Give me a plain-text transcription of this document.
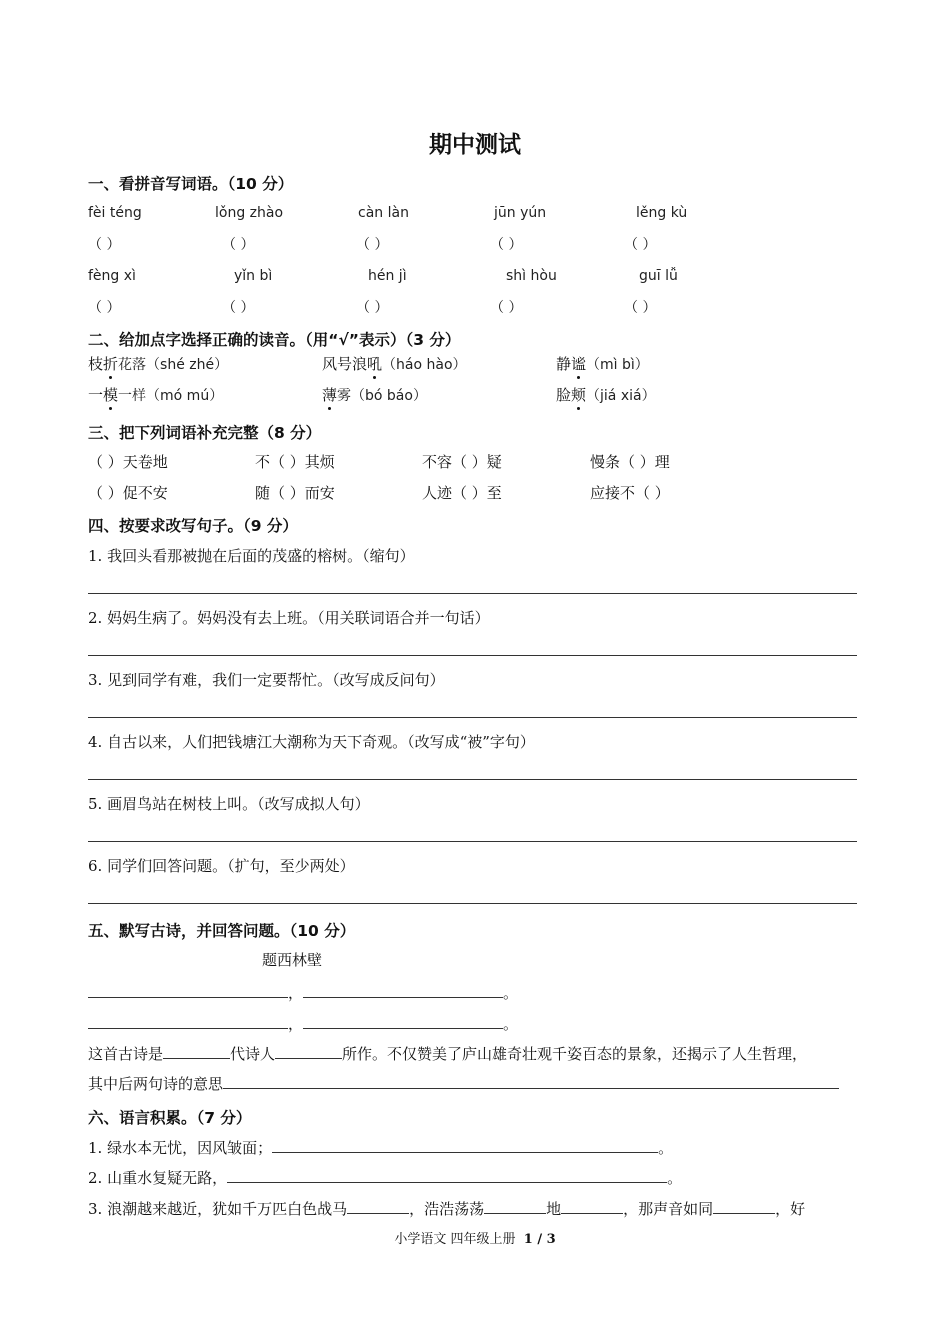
期中测试
一、看拼音写词语。（10 分）
fèi téng	lǒng zhào	càn làn	jūn yún	lěng kù
（ ）	（ ）	（ ）	（ ）	（ ）
fèng xì	yǐn bì	hén jì	shì hòu	guī lǚ
（ ）	（ ）	（ ）	（ ）	（ ）
二、给加点字选择正确的读音。（用“√”表示）（3 分）
枝折花落（shé zhé）	风号浪吼（háo hào）	静谧（mì bì）
一模一样（mó mú）	薄雾（bó báo）	脸颊（jiá xiá）
三、把下列词语补充完整（8 分）
（ ）天卷地	不（ ）其烦	不容（ ）疑	慢条（ ）理
（ ）促不安	随（ ）而安	人迹（ ）至	应接不（ ）
四、按要求改写句子。（9 分）
1. 我回头看那被抛在后面的茂盛的榕树。（缩句）
2. 妈妈生病了。妈妈没有去上班。（用关联词语合并一句话）
3. 见到同学有难，我们一定要帮忙。（改写成反问句）
4. 自古以来，人们把钱塘江大潮称为天下奇观。（改写成“被”字句）
5. 画眉鸟站在树枝上叫。（改写成拟人句）
6. 同学们回答问题。（扩句，至少两处）
五、默写古诗，并回答问题。（10 分）
题西林壁
，	。
，	。
这首古诗是	代诗人	所作。不仅赞美了庐山雄奇壮观千姿百态的景象，还揭示了人生哲理，
其中后两句诗的意思
六、语言积累。（7 分）
1. 绿水本无忧，因风皱面；	。
2. 山重水复疑无路，	。
3. 浪潮越来越近，犹如千万匹白色战马	，浩浩荡荡	地	，那声音如同	，好
小学语文 四年级上册 1 / 3
